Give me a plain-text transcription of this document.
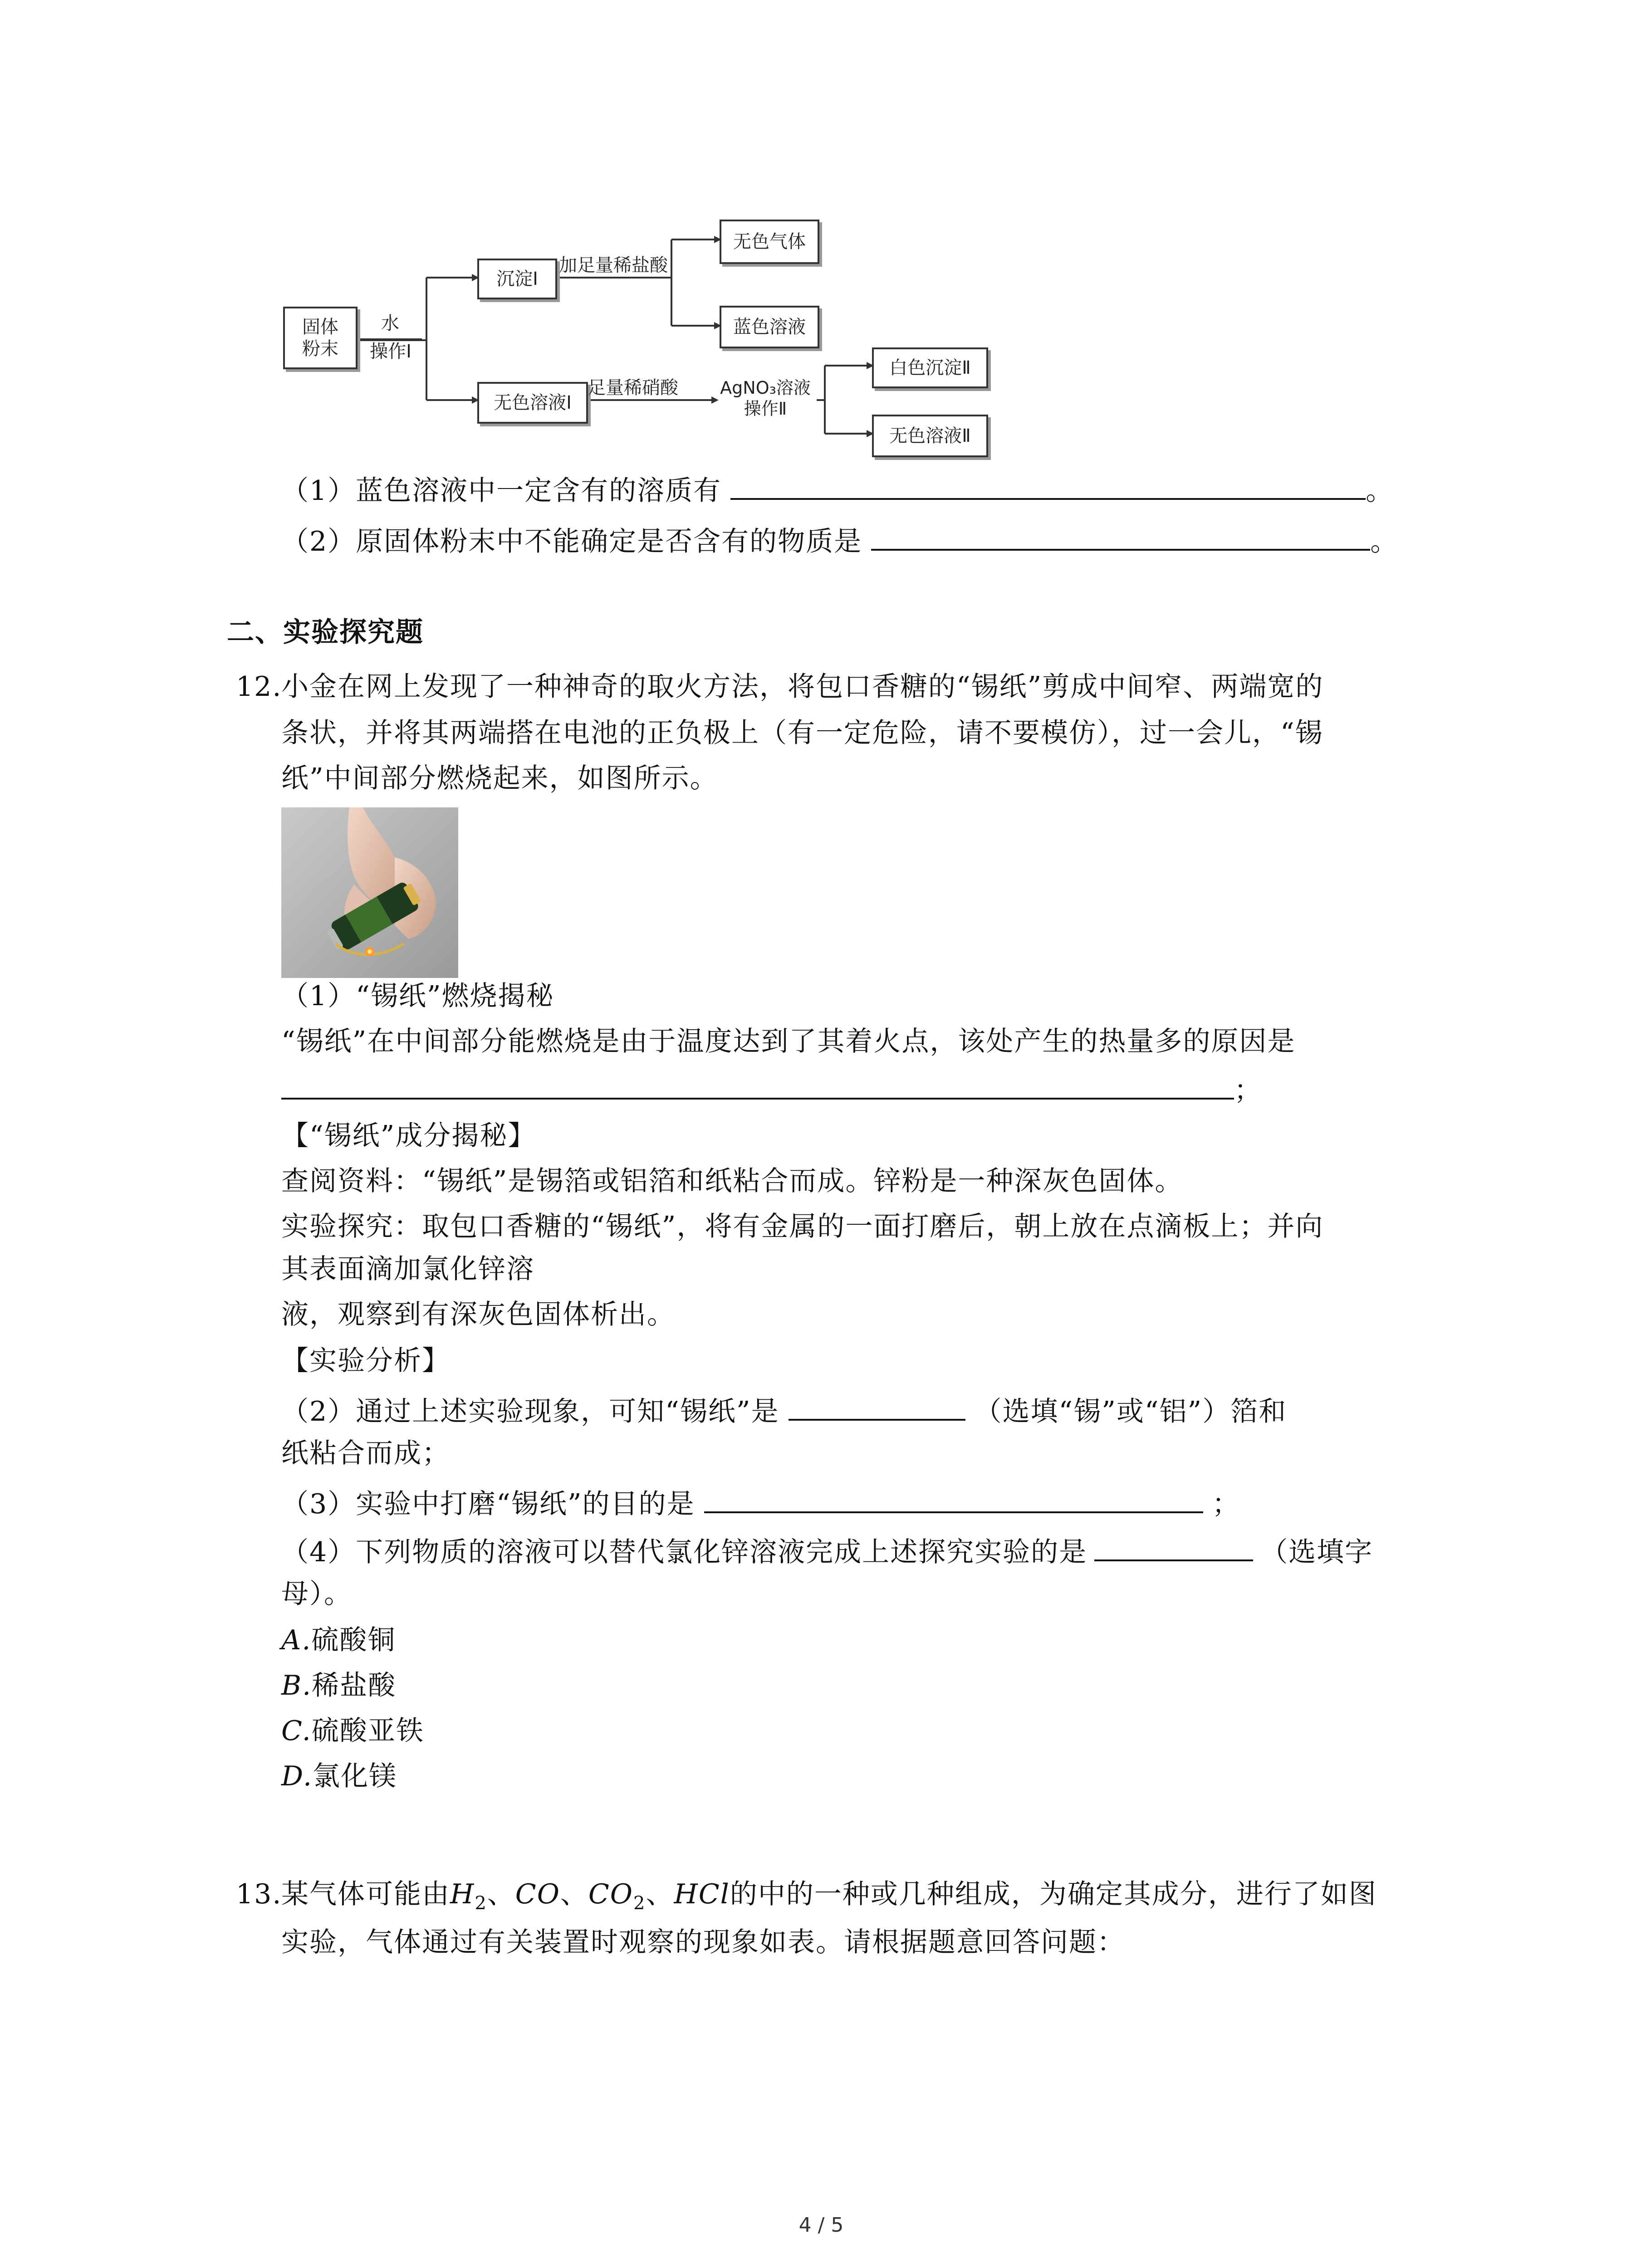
固体
粉末
水
操作Ⅰ
沉淀Ⅰ
加足量稀盐酸
无色气体
蓝色溶液
无色溶液Ⅰ
足量稀硝酸	AgNO₃溶液
操作Ⅱ
白色沉淀Ⅱ
无色溶液Ⅱ
（1）蓝色溶液中一定含有的溶质有	。
（2）原固体粉末中不能确定是否含有的物质是	。
二、实验探究题
12.
小金在网上发现了一种神奇的取火方法，将包口香糖的“锡纸”剪成中间窄、两端宽的
条状，并将其两端搭在电池的正负极上（有一定危险，请不要模仿），过一会儿，“锡
纸”中间部分燃烧起来，如图所示。
（1）“锡纸”燃烧揭秘
“锡纸”在中间部分能燃烧是由于温度达到了其着火点，该处产生的热量多的原因是
；
【“锡纸”成分揭秘】
查阅资料：“锡纸”是锡箔或铝箔和纸粘合而成。锌粉是一种深灰色固体。
实验探究：取包口香糖的“锡纸”，将有金属的一面打磨后，朝上放在点滴板上；并向
其表面滴加氯化锌溶
液，观察到有深灰色固体析出。
【实验分析】
（2）通过上述实验现象，可知“锡纸”是	（选填“锡”或“铝”）箔和
纸粘合而成；
（3）实验中打磨“锡纸”的目的是	；
（4）下列物质的溶液可以替代氯化锌溶液完成上述探究实验的是	（选填字
母）。
A.硫酸铜
B.稀盐酸
C.硫酸亚铁
D.氯化镁
13.
某气体可能由$H_2$、CO、$CO_2$、HCl的中的一种或几种组成，为确定其成分，进行了如图
实验，气体通过有关装置时观察的现象如表。请根据题意回答问题：
4 / 5
